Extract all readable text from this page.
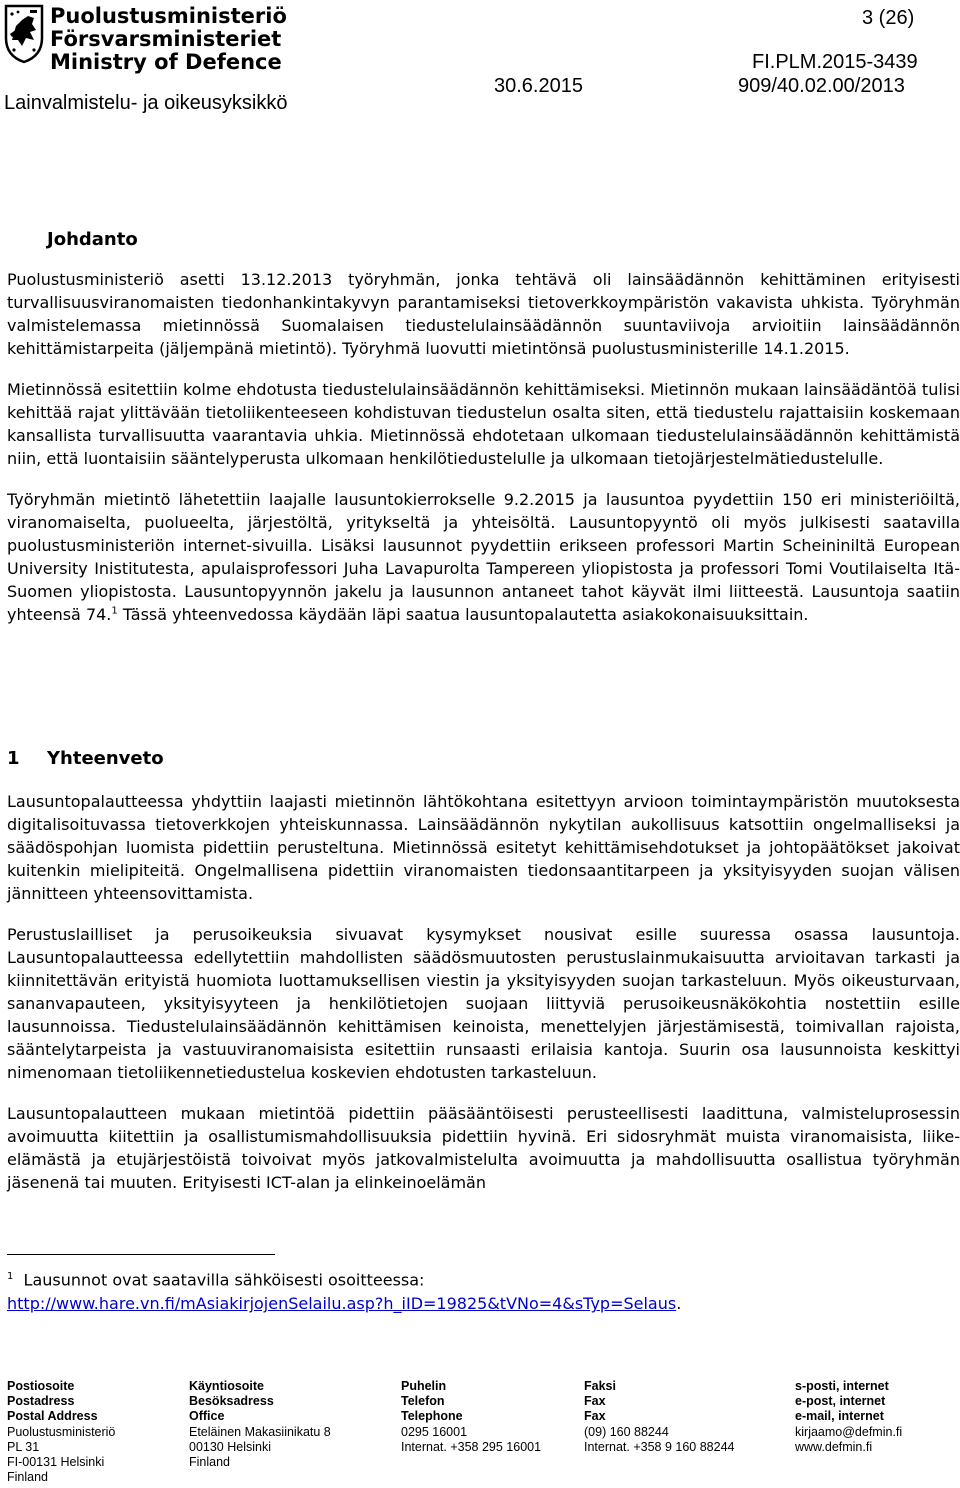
Puolustusministeriö
Försvarsministeriet
Ministry of Defence
Lainvalmistelu- ja oikeusyksikkö
3 (26)
FI.PLM.2015-3439
30.6.2015	909/40.02.00/2013
Johdanto

Puolustusministeriö asetti 13.12.2013 työryhmän, jonka tehtävä oli lainsäädännön kehittäminen erityisesti turvallisuusviranomaisten tiedonhankintakyvyn parantamiseksi tietoverkkoympäristön vakavista uhkista. Työryhmän valmistelemassa mietinnössä Suomalaisen tiedustelulainsäädännön suuntaviivoja arvioitiin lainsäädännön kehittämistarpeita (jäljempänä mietintö). Työryhmä luovutti mietintönsä puolustusministerille 14.1.2015.

Mietinnössä esitettiin kolme ehdotusta tiedustelulainsäädännön kehittämiseksi. Mietinnön mukaan lainsäädäntöä tulisi kehittää rajat ylittävään tietoliikenteeseen kohdistuvan tiedustelun osalta siten, että tiedustelu rajattaisiin koskemaan kansallista turvallisuutta vaarantavia uhkia. Mietinnössä ehdotetaan ulkomaan tiedustelulainsäädännön kehittämistä niin, että luontaisiin sääntelyperusta ulkomaan henkilötiedustelulle ja ulkomaan tietojärjestelmätiedustelulle.

Työryhmän mietintö lähetettiin laajalle lausuntokierrokselle 9.2.2015 ja lausuntoa pyydettiin 150 eri ministeriöiltä, viranomaiselta, puolueelta, järjestöltä, yritykseltä ja yhteisöltä. Lausuntopyyntö oli myös julkisesti saatavilla puolustusministeriön internet-sivuilla. Lisäksi lausunnot pyydettiin erikseen professori Martin Scheininiltä European University Inistitutesta, apulaisprofessori Juha Lavapurolta Tampereen yliopistosta ja professori Tomi Voutilaiselta Itä-Suomen yliopistosta. Lausuntopyynnön jakelu ja lausunnon antaneet tahot käyvät ilmi liitteestä. Lausuntoja saatiin yhteensä 74.$^1$ Tässä yhteenvedossa käydään läpi saatua lausuntopalautetta asiakokonaisuuksittain.

1 Yhteenveto

Lausuntopalautteessa yhdyttiin laajasti mietinnön lähtökohtana esitettyyn arvioon toimintaympäristön muutoksesta digitalisoituvassa tietoverkkojen yhteiskunnassa. Lainsäädännön nykytilan aukollisuus katsottiin ongelmalliseksi ja säädöspohjan luomista pidettiin perusteltuna. Mietinnössä esitetyt kehittämisehdotukset ja johtopäätökset jakoivat kuitenkin mielipiteitä. Ongelmallisena pidettiin viranomaisten tiedonsaantitarpeen ja yksityisyyden suojan välisen jännitteen yhteensovittamista.

Perustuslailliset ja perusoikeuksia sivuavat kysymykset nousivat esille suuressa osassa lausuntoja. Lausuntopalautteessa edellytettiin mahdollisten säädösmuutosten perustuslainmukaisuutta arvioitavan tarkasti ja kiinnitettävän erityistä huomiota luottamuksellisen viestin ja yksityisyyden suojan tarkasteluun. Myös oikeusturvaan, sananvapauteen, yksityisyyteen ja henkilötietojen suojaan liittyviä perusoikeusnäkökohtia nostettiin esille lausunnoissa. Tiedustelulainsäädännön kehittämisen keinoista, menettelyjen järjestämisestä, toimivallan rajoista, sääntelytarpeista ja vastuuviranomaisista esitettiin runsaasti erilaisia kantoja. Suurin osa lausunnoista keskittyi nimenomaan tietoliikennetiedustelua koskevien ehdotusten tarkasteluun.

Lausuntopalautteen mukaan mietintöä pidettiin pääsääntöisesti perusteellisesti laadittuna, valmisteluprosessin avoimuutta kiitettiin ja osallistumismahdollisuuksia pidettiin hyvinä. Eri sidosryhmät muista viranomaisista, liike-elämästä ja etujärjestöistä toivoivat myös jatkovalmistelulta avoimuutta ja mahdollisuutta osallistua työryhmän jäsenenä tai muuten. Erityisesti ICT-alan ja elinkeinoelämän

$^1$ Lausunnot ovat saatavilla sähköisesti osoitteessa:
http://www.hare.vn.fi/mAsiakirjojenSelailu.asp?h_iID=19825&tVNo=4&sTyp=Selaus.
Postiosoite
Postadress
Postal Address
Puolustusministeriö
PL 31
FI-00131 Helsinki
Finland
Käyntiosoite
Besöksadress
Office
Eteläinen Makasiinikatu 8
00130 Helsinki
Finland
Puhelin
Telefon
Telephone
0295 16001
Internat. +358 295 16001
Faksi
Fax
Fax
(09) 160 88244
Internat. +358 9 160 88244
s-posti, internet
e-post, internet
e-mail, internet
kirjaamo@defmin.fi
www.defmin.fi
